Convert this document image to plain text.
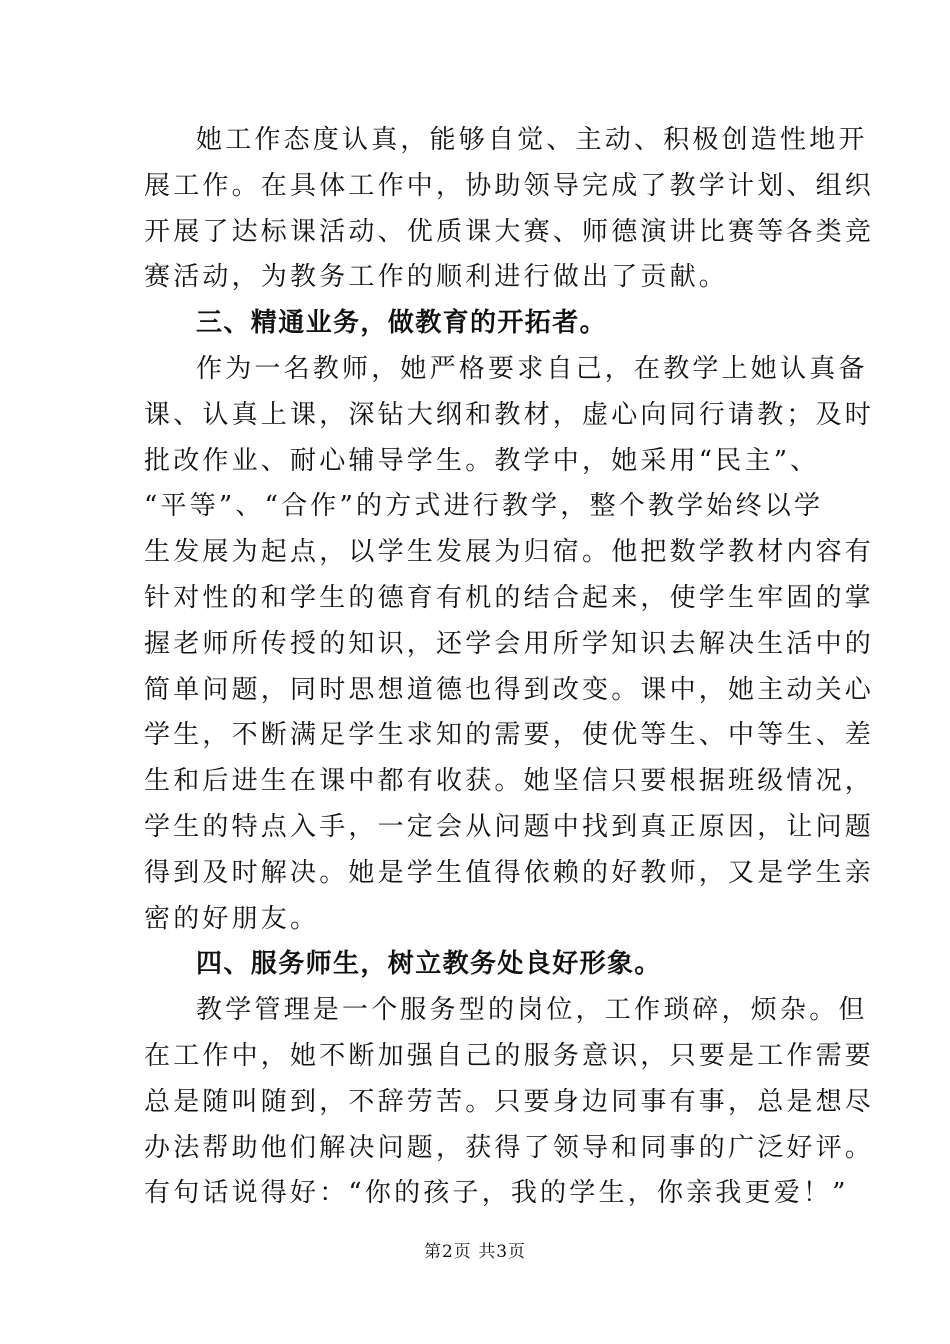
她工作态度认真，能够自觉、主动、积极创造性地开
展工作。在具体工作中，协助领导完成了教学计划、组织
开展了达标课活动、优质课大赛、师德演讲比赛等各类竞
赛活动，为教务工作的顺利进行做出了贡献。
三、精通业务，做教育的开拓者。
作为一名教师，她严格要求自己，在教学上她认真备
课、认真上课，深钻大纲和教材，虚心向同行请教；及时
批改作业、耐心辅导学生。教学中，她采用“民主”、
“平等”、“合作”的方式进行教学，整个教学始终以学
生发展为起点，以学生发展为归宿。他把数学教材内容有
针对性的和学生的德育有机的结合起来，使学生牢固的掌
握老师所传授的知识，还学会用所学知识去解决生活中的
简单问题，同时思想道德也得到改变。课中，她主动关心
学生，不断满足学生求知的需要，使优等生、中等生、差
生和后进生在课中都有收获。她坚信只要根据班级情况，
学生的特点入手，一定会从问题中找到真正原因，让问题
得到及时解决。她是学生值得依赖的好教师，又是学生亲
密的好朋友。
四、服务师生，树立教务处良好形象。
教学管理是一个服务型的岗位，工作琐碎，烦杂。但
在工作中，她不断加强自己的服务意识，只要是工作需要
总是随叫随到，不辞劳苦。只要身边同事有事，总是想尽
办法帮助他们解决问题，获得了领导和同事的广泛好评。
有句话说得好：“你的孩子，我的学生，你亲我更爱！”
第2页 共3页
